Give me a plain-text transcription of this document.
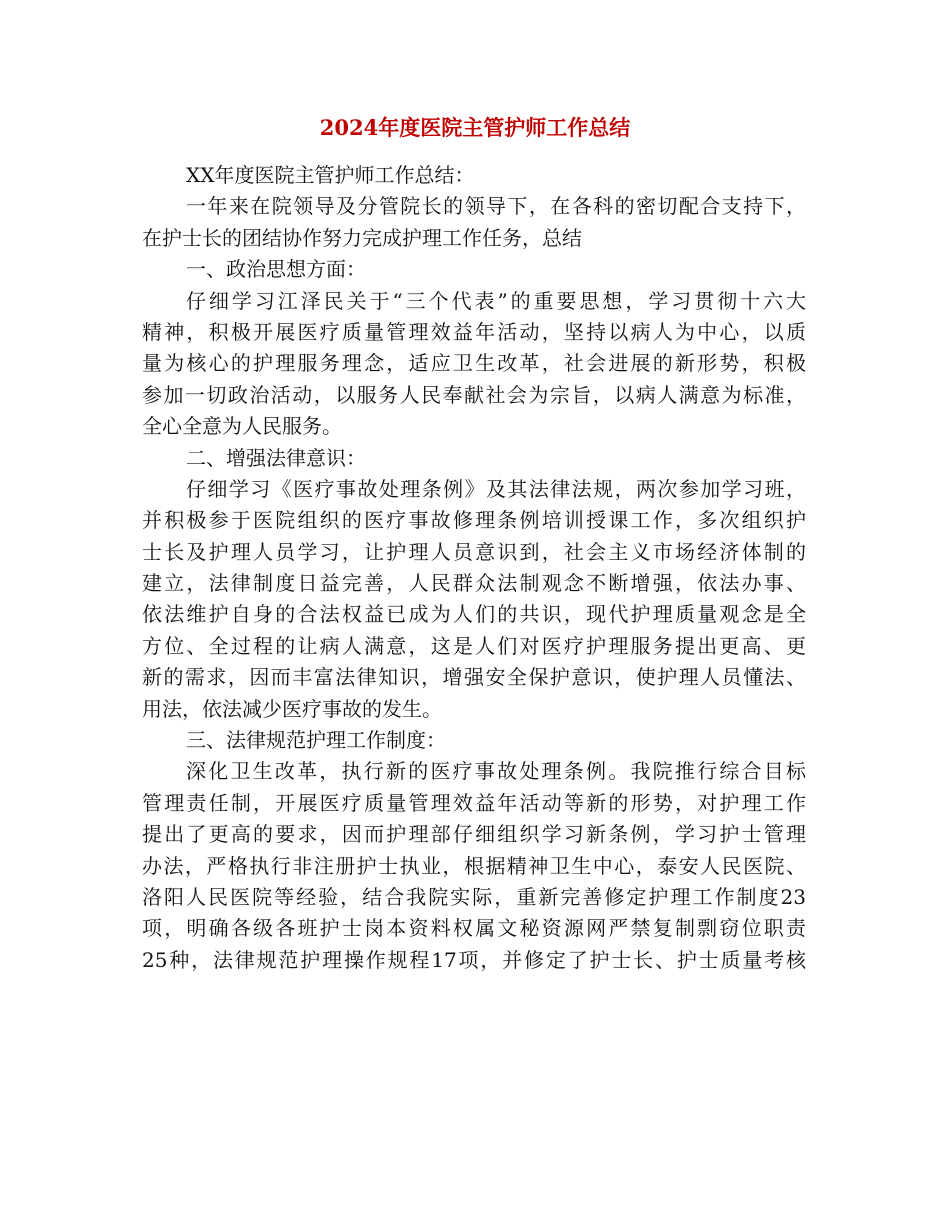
2024年度医院主管护师工作总结
XX年度医院主管护师工作总结：
一年来在院领导及分管院长的领导下，在各科的密切配合支持下，
在护士长的团结协作努力完成护理工作任务，总结
一、政治思想方面：
仔细学习江泽民关于“三个代表”的重要思想，学习贯彻十六大
精神，积极开展医疗质量管理效益年活动，坚持以病人为中心，以质
量为核心的护理服务理念，适应卫生改革，社会进展的新形势，积极
参加一切政治活动，以服务人民奉献社会为宗旨，以病人满意为标准，
全心全意为人民服务。
二、增强法律意识：
仔细学习《医疗事故处理条例》及其法律法规，两次参加学习班，
并积极参于医院组织的医疗事故修理条例培训授课工作，多次组织护
士长及护理人员学习，让护理人员意识到，社会主义市场经济体制的
建立，法律制度日益完善，人民群众法制观念不断增强，依法办事、
依法维护自身的合法权益已成为人们的共识，现代护理质量观念是全
方位、全过程的让病人满意，这是人们对医疗护理服务提出更高、更
新的需求，因而丰富法律知识，增强安全保护意识，使护理人员懂法、
用法，依法减少医疗事故的发生。
三、法律规范护理工作制度：
深化卫生改革，执行新的医疗事故处理条例。我院推行综合目标
管理责任制，开展医疗质量管理效益年活动等新的形势，对护理工作
提出了更高的要求，因而护理部仔细组织学习新条例，学习护士管理
办法，严格执行非注册护士执业，根据精神卫生中心，泰安人民医院、
洛阳人民医院等经验，结合我院实际，重新完善修定护理工作制度23
项，明确各级各班护士岗本资料权属文秘资源网严禁复制剽窃位职责
25种，法律规范护理操作规程17项，并修定了护士长、护士质量考核
